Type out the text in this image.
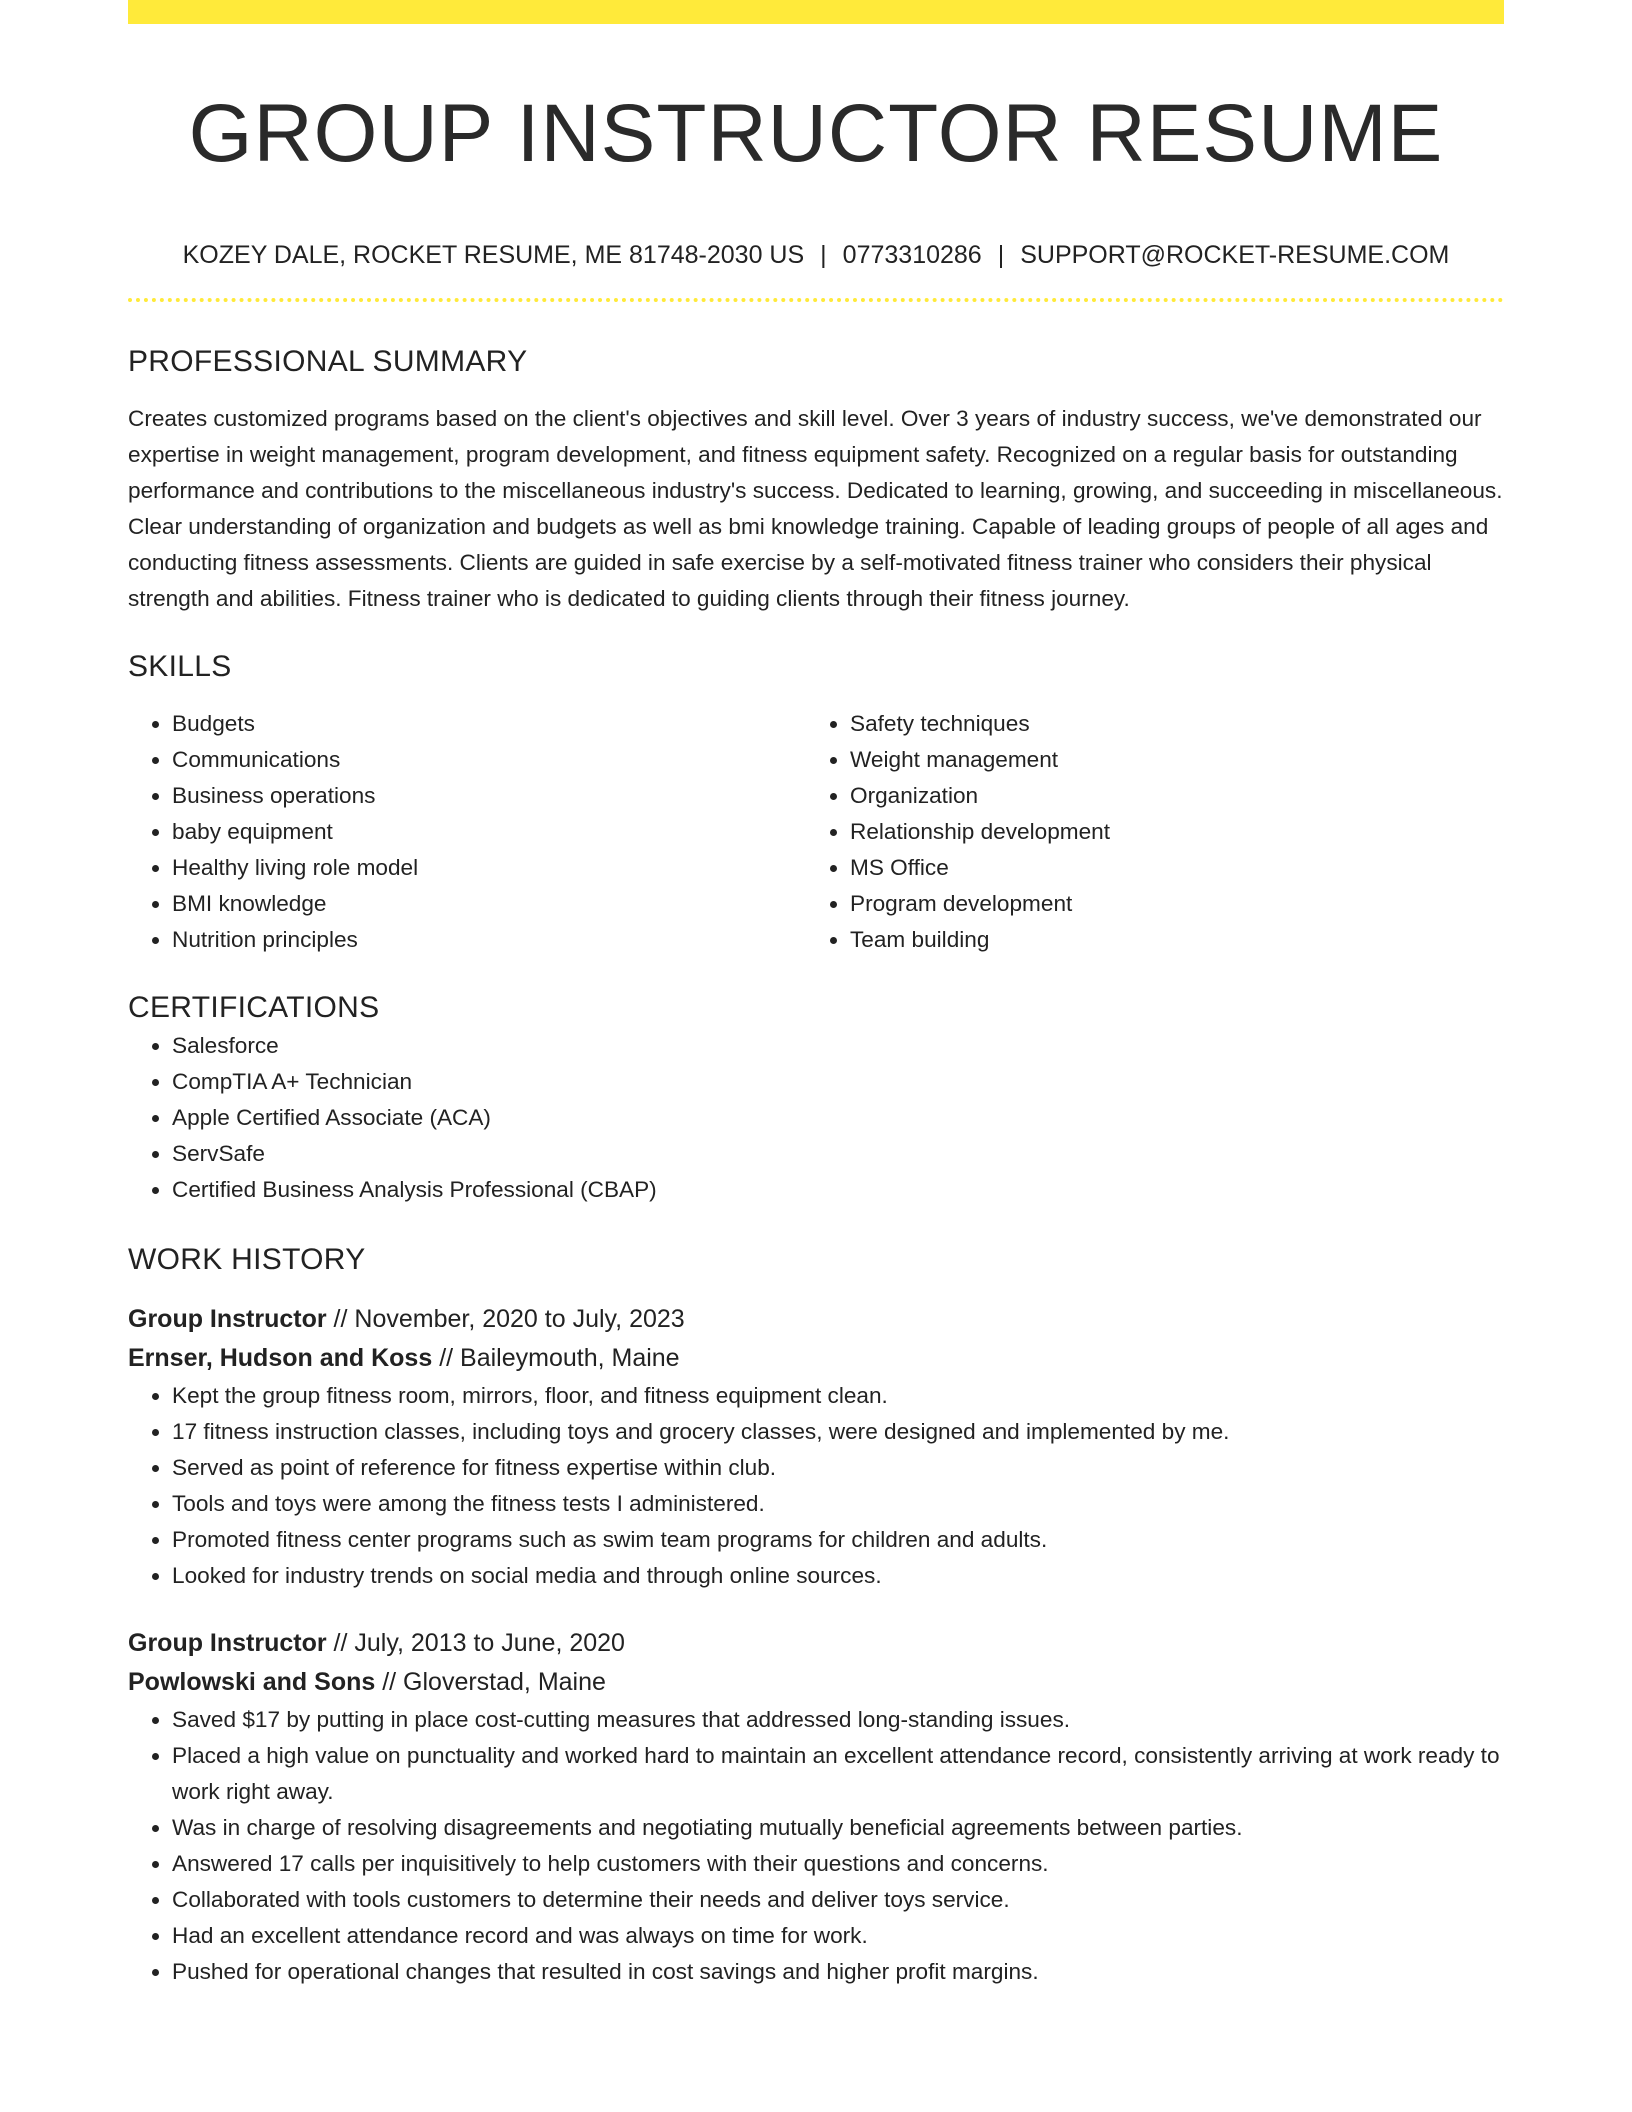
GROUP INSTRUCTOR RESUME
KOZEY DALE, ROCKET RESUME, ME 81748-2030 US | 0773310286 | SUPPORT@ROCKET-RESUME.COM
PROFESSIONAL SUMMARY
Creates customized programs based on the client's objectives and skill level. Over 3 years of industry success, we've demonstrated our expertise in weight management, program development, and fitness equipment safety. Recognized on a regular basis for outstanding performance and contributions to the miscellaneous industry's success. Dedicated to learning, growing, and succeeding in miscellaneous. Clear understanding of organization and budgets as well as bmi knowledge training. Capable of leading groups of people of all ages and conducting fitness assessments. Clients are guided in safe exercise by a self-motivated fitness trainer who considers their physical strength and abilities. Fitness trainer who is dedicated to guiding clients through their fitness journey.
SKILLS
• Budgets
• Communications
• Business operations
• baby equipment
• Healthy living role model
• BMI knowledge
• Nutrition principles
• Safety techniques
• Weight management
• Organization
• Relationship development
• MS Office
• Program development
• Team building
CERTIFICATIONS
• Salesforce
• CompTIA A+ Technician
• Apple Certified Associate (ACA)
• ServSafe
• Certified Business Analysis Professional (CBAP)
WORK HISTORY
Group Instructor // November, 2020 to July, 2023
Ernser, Hudson and Koss // Baileymouth, Maine
• Kept the group fitness room, mirrors, floor, and fitness equipment clean.
• 17 fitness instruction classes, including toys and grocery classes, were designed and implemented by me.
• Served as point of reference for fitness expertise within club.
• Tools and toys were among the fitness tests I administered.
• Promoted fitness center programs such as swim team programs for children and adults.
• Looked for industry trends on social media and through online sources.
Group Instructor // July, 2013 to June, 2020
Powlowski and Sons // Gloverstad, Maine
• Saved $17 by putting in place cost-cutting measures that addressed long-standing issues.
• Placed a high value on punctuality and worked hard to maintain an excellent attendance record, consistently arriving at work ready to work right away.
• Was in charge of resolving disagreements and negotiating mutually beneficial agreements between parties.
• Answered 17 calls per inquisitively to help customers with their questions and concerns.
• Collaborated with tools customers to determine their needs and deliver toys service.
• Had an excellent attendance record and was always on time for work.
• Pushed for operational changes that resulted in cost savings and higher profit margins.
